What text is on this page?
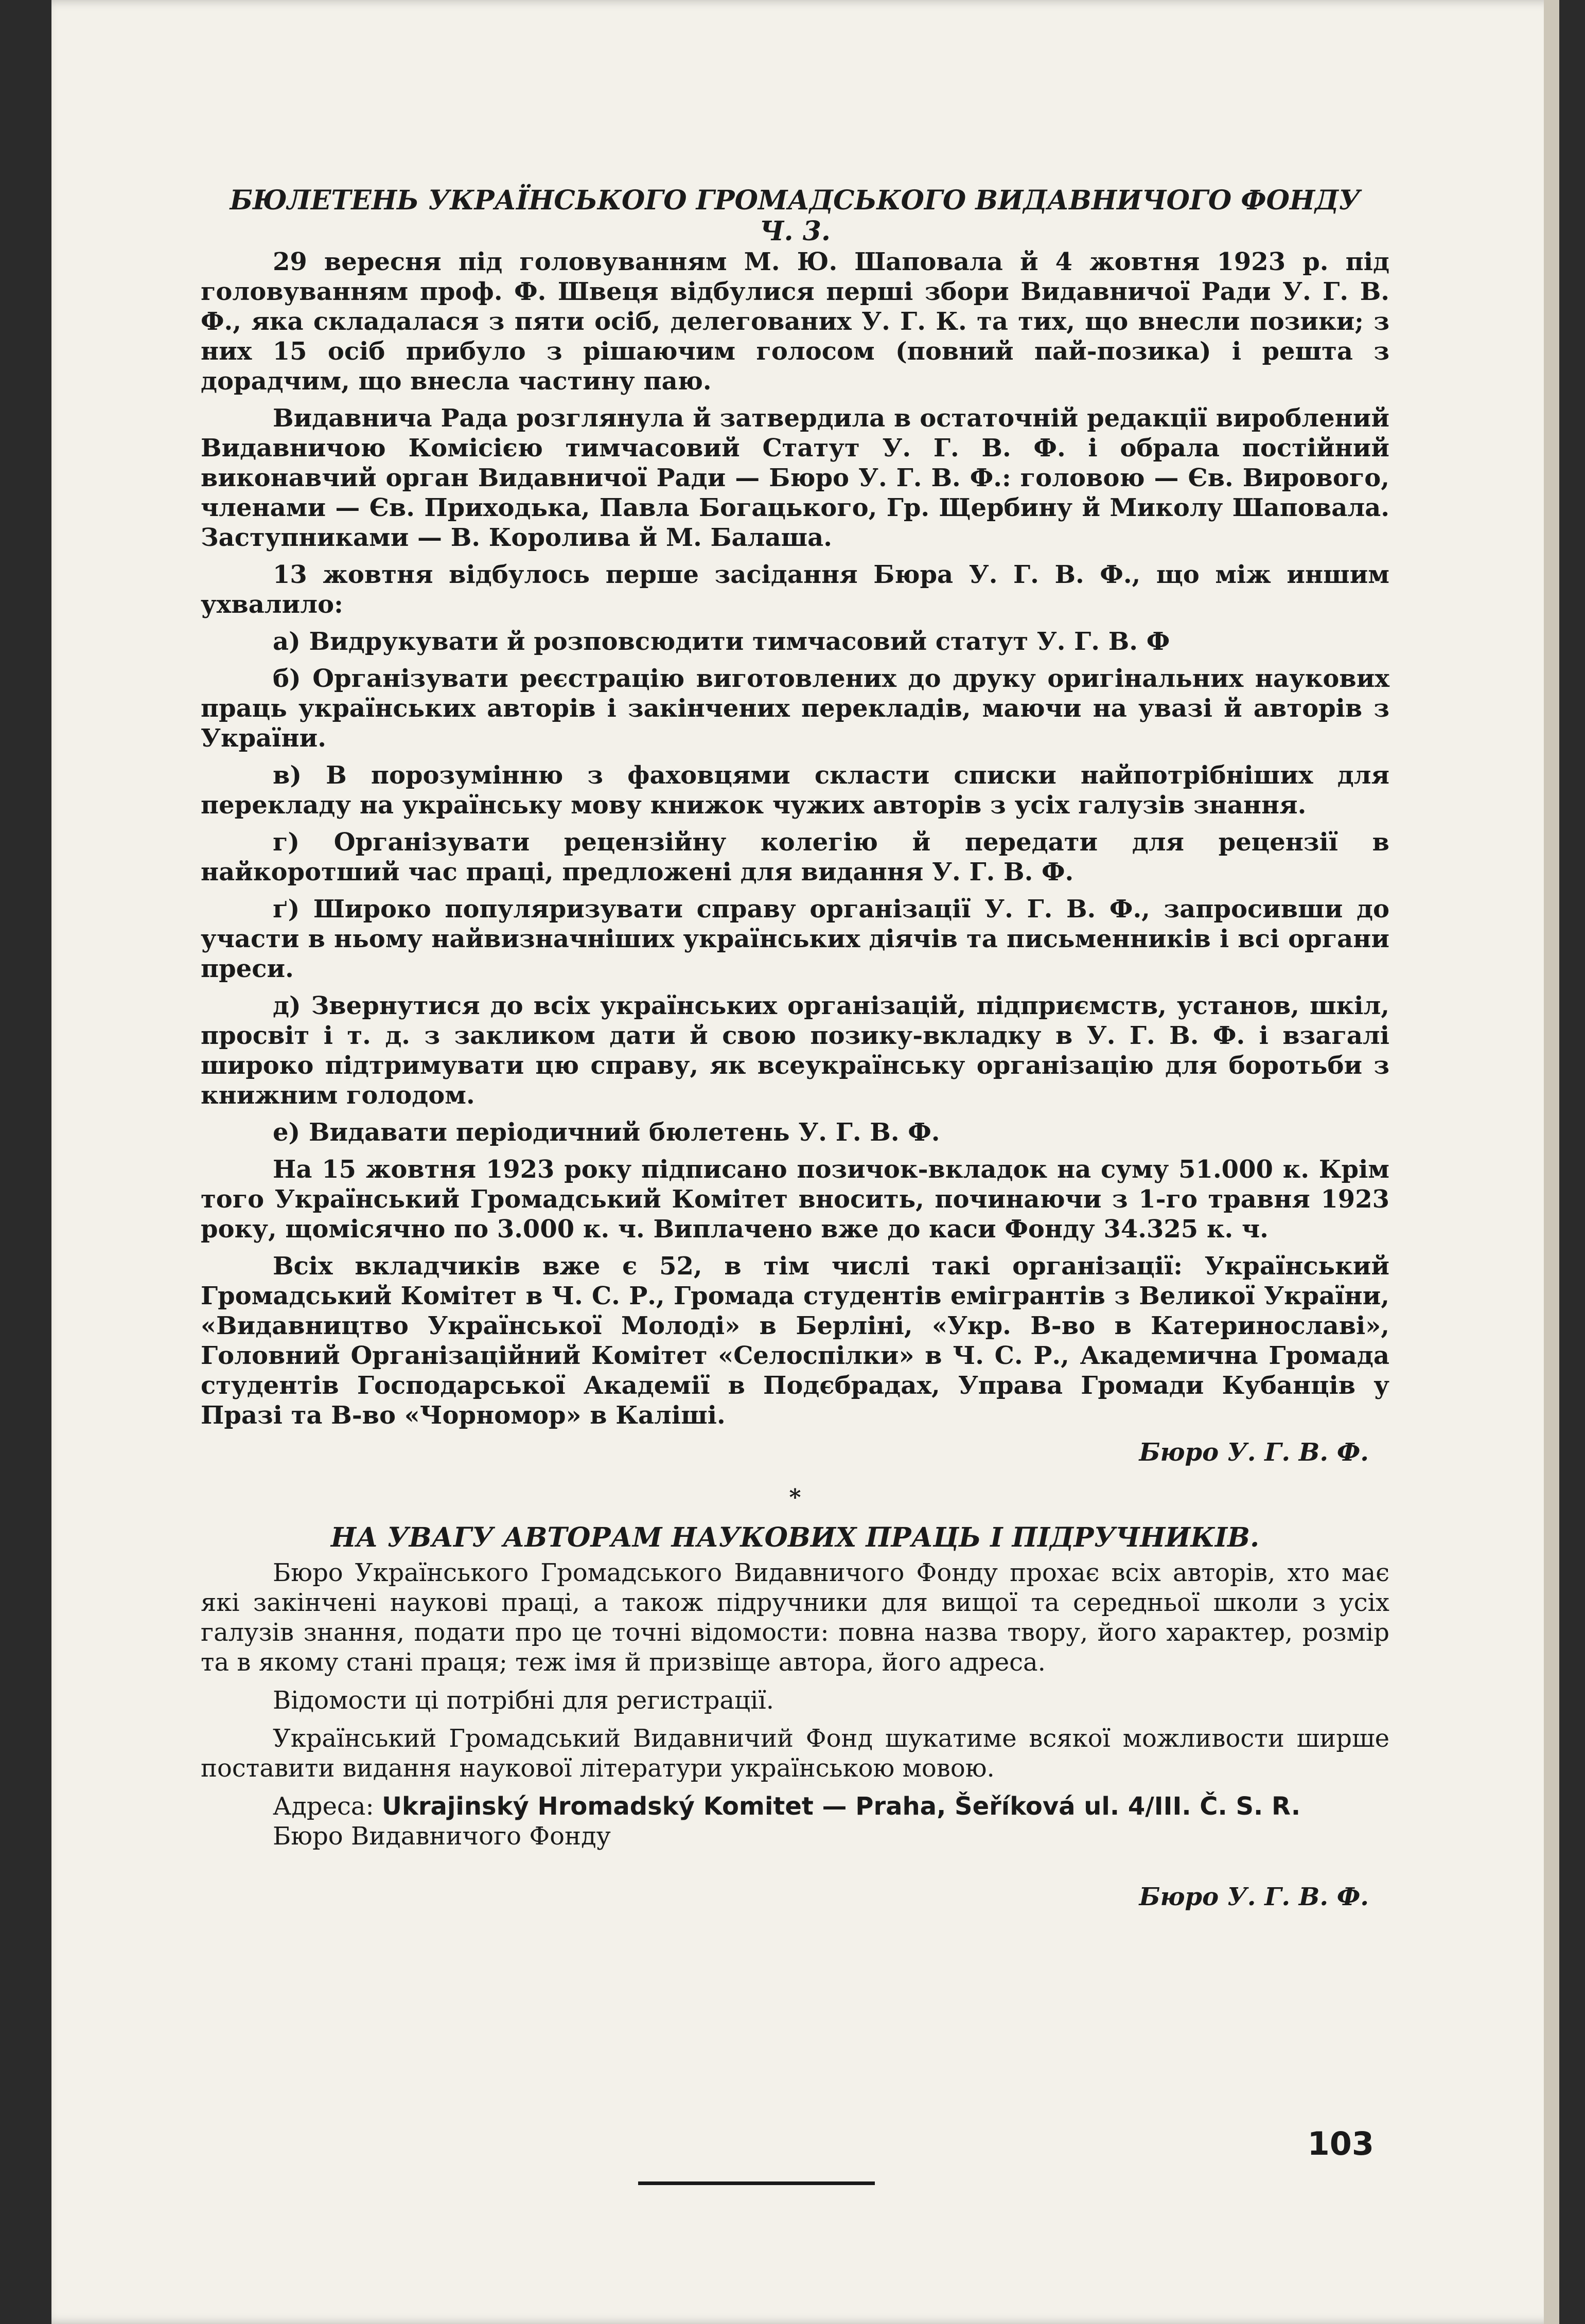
БЮЛЕТЕНЬ УКРАЇНСЬКОГО ГРОМАДСЬКОГО ВИДАВНИЧОГО ФОНДУ
Ч. 3.

29 вересня під головуванням М. Ю. Шаповала й 4 жовтня 1923 р. під головуванням проф. Ф. Швеця відбулися перші збори Видавничої Ради У. Г. В. Ф., яка складалася з пяти осіб, делегованих У. Г. К. та тих, що внесли позики; з них 15 осіб прибуло з рішаючим голосом (повний пай-позика) і решта з дорадчим, що внесла частину паю.

Видавнича Рада розглянула й затвердила в остаточній редакції вироблений Видавничою Комісією тимчасовий Статут У. Г. В. Ф. і обрала постійний виконавчий орган Видавничої Ради — Бюро У. Г. В. Ф.: головою — Єв. Вирового, членами — Єв. Приходька, Павла Богацького, Гр. Щербину й Миколу Шаповала. Заступниками — В. Королива й М. Балаша.

13 жовтня відбулось перше засідання Бюра У. Г. В. Ф., що між иншим ухвалило:

а) Видрукувати й розповсюдити тимчасовий статут У. Г. В. Ф

б) Організувати реєстрацію виготовлених до друку оригінальних наукових праць українських авторів і закінчених перекладів, маючи на увазі й авторів з України.

в) В порозумінню з фаховцями скласти списки найпотрібніших для перекладу на українську мову книжок чужих авторів з усіх галузів знання.

г) Організувати рецензійну колегію й передати для рецензії в найкоротший час праці, предложені для видання У. Г. В. Ф.

ґ) Широко популяризувати справу організації У. Г. В. Ф., запросивши до участи в ньому найвизначніших українських діячів та письменників і всі органи преси.

д) Звернутися до всіх українських організацій, підприємств, установ, шкіл, просвіт і т. д. з закликом дати й свою позику-вкладку в У. Г. В. Ф. і взагалі широко підтримувати цю справу, як всеукраїнську організацію для боротьби з книжним голодом.

е) Видавати періодичний бюлетень У. Г. В. Ф.

На 15 жовтня 1923 року підписано позичок-вкладок на суму 51.000 к. Крім того Український Громадський Комітет вносить, починаючи з 1-го травня 1923 року, щомісячно по 3.000 к. ч. Виплачено вже до каси Фонду 34.325 к. ч.

Всіх вкладчиків вже є 52, в тім числі такі організації: Український Громадський Комітет в Ч. С. Р., Громада студентів емігрантів з Великої України, «Видавництво Української Молоді» в Берліні, «Укр. В-во в Катеринославі», Головний Організаційний Комітет «Селоспілки» в Ч. С. Р., Академична Громада студентів Господарської Академії в Подєбрадах, Управа Громади Кубанців у Празі та В-во «Чорномор» в Каліші.

Бюро У. Г. В. Ф.

*

НА УВАГУ АВТОРАМ НАУКОВИХ ПРАЦЬ І ПІДРУЧНИКІВ.

Бюро Українського Громадського Видавничого Фонду прохає всіх авторів, хто має які закінчені наукові праці, а також підручники для вищої та середньої школи з усіх галузів знання, подати про це точні відомости: повна назва твору, його характер, розмір та в якому стані праця; теж імя й призвіще автора, його адреса.

Відомости ці потрібні для регистрації.

Український Громадський Видавничий Фонд шукатиме всякої можливости ширше поставити видання наукової літератури українською мовою.

Адреса: Ukrajinský Hromadský Komitet — Praha, Šeříková ul. 4/III. Č. S. R.

Бюро Видавничого Фонду

Бюро У. Г. В. Ф.

103
